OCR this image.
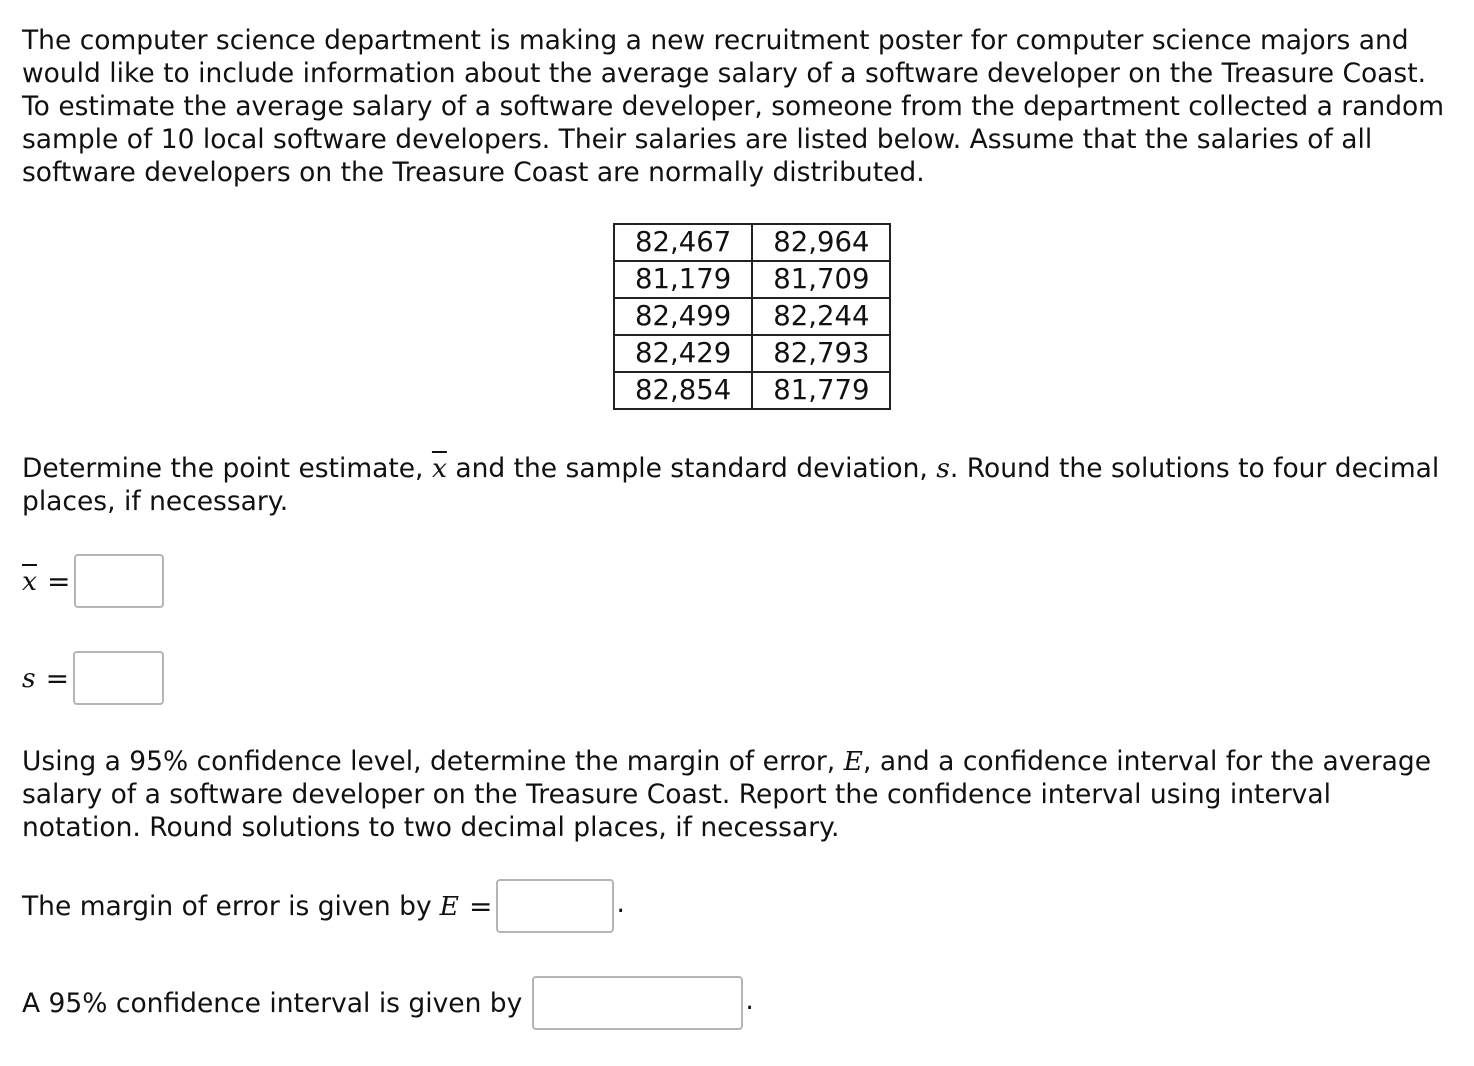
The computer science department is making a new recruitment poster for computer science majors and would like to include information about the average salary of a software developer on the Treasure Coast. To estimate the average salary of a software developer, someone from the department collected a random sample of 10 local software developers. Their salaries are listed below. Assume that the salaries of all software developers on the Treasure Coast are normally distributed.

82,467	82,964
81,179	81,709
82,499	82,244
82,429	82,793
82,854	81,779

Determine the point estimate, $\overline{x}$ and the sample standard deviation, s. Round the solutions to four decimal places, if necessary.

$\overline{x}$ =
s =

Using a 95% confidence level, determine the margin of error, E, and a confidence interval for the average salary of a software developer on the Treasure Coast. Report the confidence interval using interval notation. Round solutions to two decimal places, if necessary.

The margin of error is given by E =	.
A 95% confidence interval is given by	.
